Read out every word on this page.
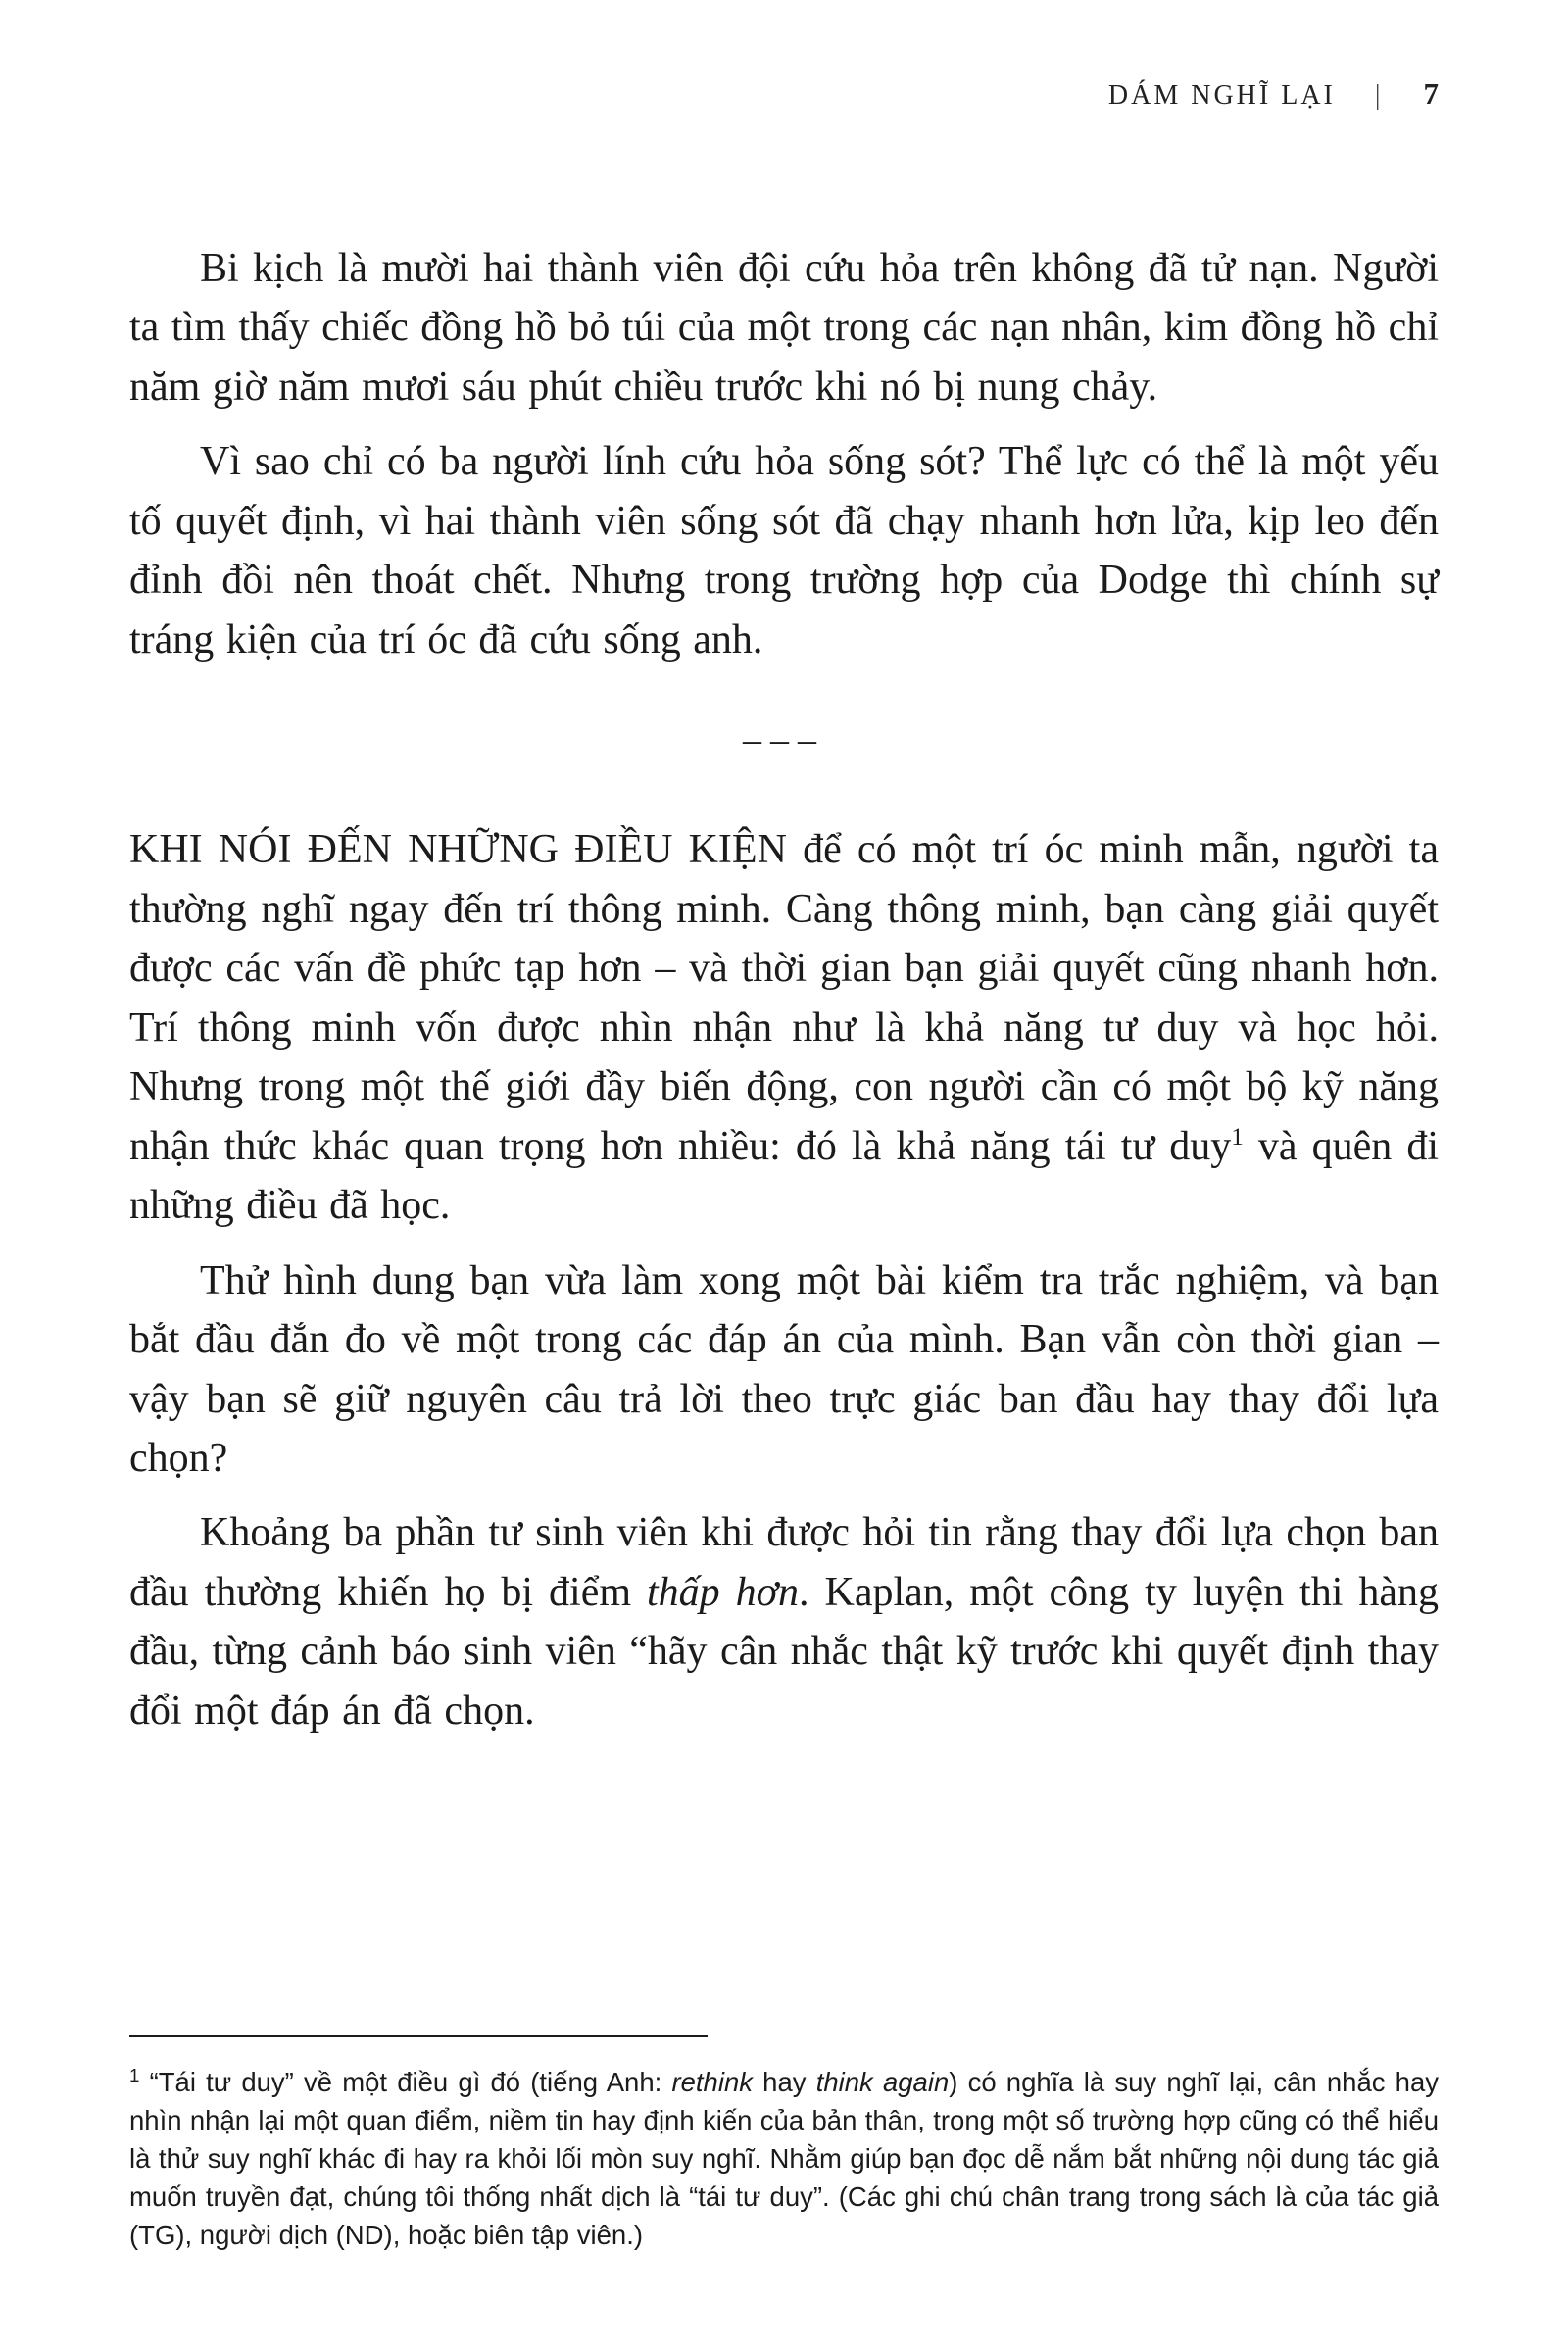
DÁM NGHĨ LẠI | 7

Bi kịch là mười hai thành viên đội cứu hỏa trên không đã tử nạn. Người ta tìm thấy chiếc đồng hồ bỏ túi của một trong các nạn nhân, kim đồng hồ chỉ năm giờ năm mươi sáu phút chiều trước khi nó bị nung chảy.

Vì sao chỉ có ba người lính cứu hỏa sống sót? Thể lực có thể là một yếu tố quyết định, vì hai thành viên sống sót đã chạy nhanh hơn lửa, kịp leo đến đỉnh đồi nên thoát chết. Nhưng trong trường hợp của Dodge thì chính sự tráng kiện của trí óc đã cứu sống anh.

–––

KHI NÓI ĐẾN NHỮNG ĐIỀU KIỆN để có một trí óc minh mẫn, người ta thường nghĩ ngay đến trí thông minh. Càng thông minh, bạn càng giải quyết được các vấn đề phức tạp hơn – và thời gian bạn giải quyết cũng nhanh hơn. Trí thông minh vốn được nhìn nhận như là khả năng tư duy và học hỏi. Nhưng trong một thế giới đầy biến động, con người cần có một bộ kỹ năng nhận thức khác quan trọng hơn nhiều: đó là khả năng tái tư duy$^1$ và quên đi những điều đã học.

Thử hình dung bạn vừa làm xong một bài kiểm tra trắc nghiệm, và bạn bắt đầu đắn đo về một trong các đáp án của mình. Bạn vẫn còn thời gian – vậy bạn sẽ giữ nguyên câu trả lời theo trực giác ban đầu hay thay đổi lựa chọn?

Khoảng ba phần tư sinh viên khi được hỏi tin rằng thay đổi lựa chọn ban đầu thường khiến họ bị điểm thấp hơn. Kaplan, một công ty luyện thi hàng đầu, từng cảnh báo sinh viên “hãy cân nhắc thật kỹ trước khi quyết định thay đổi một đáp án đã chọn.

$^1$ “Tái tư duy” về một điều gì đó (tiếng Anh: rethink hay think again) có nghĩa là suy nghĩ lại, cân nhắc hay nhìn nhận lại một quan điểm, niềm tin hay định kiến của bản thân, trong một số trường hợp cũng có thể hiểu là thử suy nghĩ khác đi hay ra khỏi lối mòn suy nghĩ. Nhằm giúp bạn đọc dễ nắm bắt những nội dung tác giả muốn truyền đạt, chúng tôi thống nhất dịch là “tái tư duy”. (Các ghi chú chân trang trong sách là của tác giả (TG), người dịch (ND), hoặc biên tập viên.)
